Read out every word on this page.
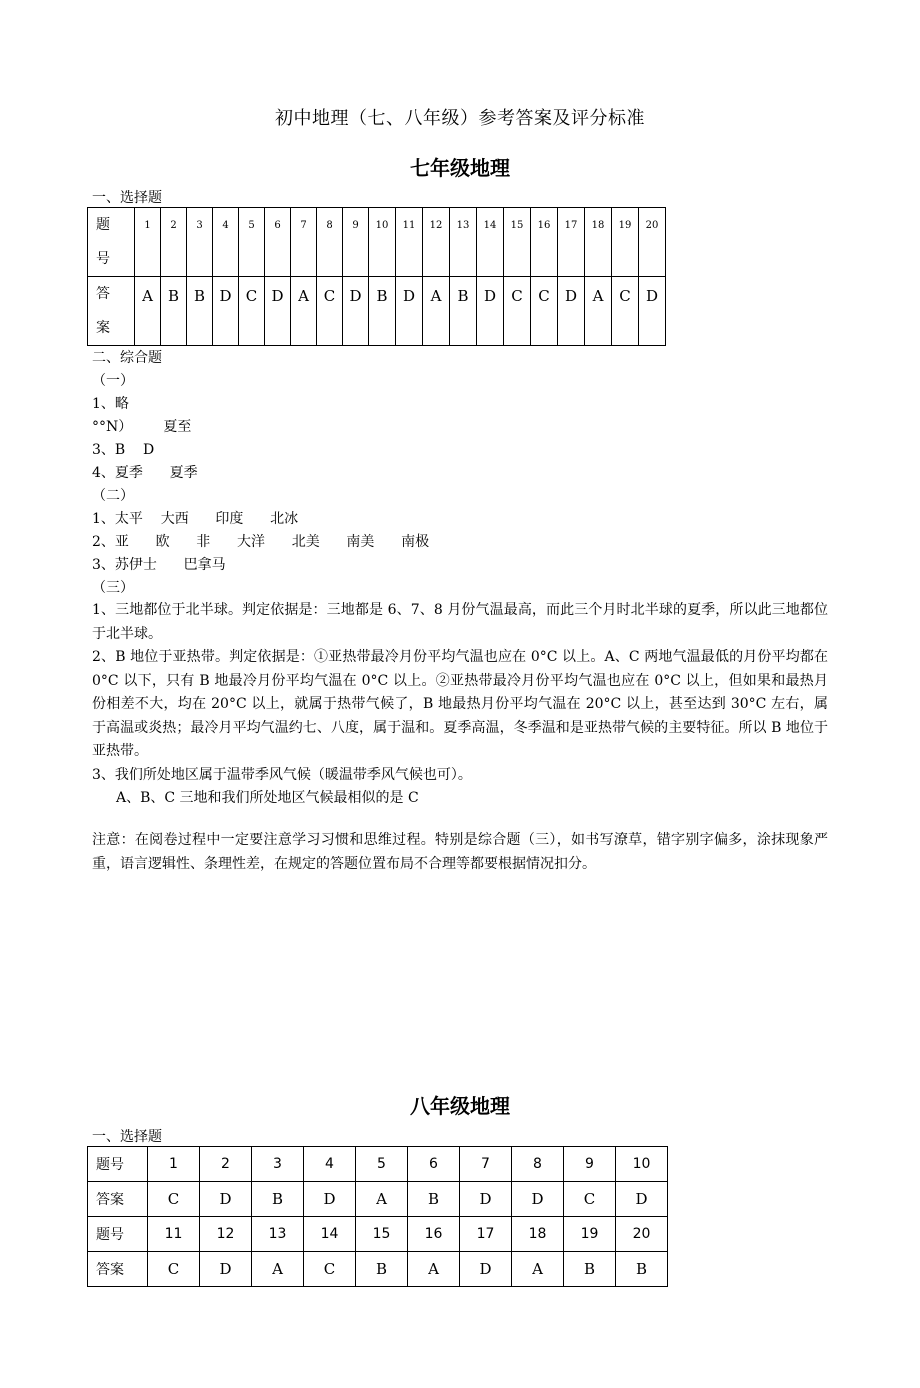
初中地理（七、八年级）参考答案及评分标准
七年级地理
一、选择题
题
号	1	2	3	4	5	6	7	8	9	10	11	12	13	14	15	16	17	18	19	20

答
案	A	B	B	D	C	D	A	C	D	B	D	A	B	D	C	C	D	A	C	D
二、综合题
（一）
1、略
°°N）       夏至
3、B    D
4、夏季      夏季
（二）
1、太平    大西      印度      北冰
2、亚      欧      非      大洋      北美      南美      南极
3、苏伊士      巴拿马
（三）
1、三地都位于北半球。判定依据是：三地都是 6、7、8 月份气温最高，而此三个月时北半球的夏季，所以此三地都位于北半球。
2、B 地位于亚热带。判定依据是：①亚热带最冷月份平均气温也应在 0°C 以上。A、C 两地气温最低的月份平均都在 0°C 以下，只有 B 地最冷月份平均气温在 0°C 以上。②亚热带最冷月份平均气温也应在 0°C 以上，但如果和最热月份相差不大，均在 20°C 以上，就属于热带气候了，B 地最热月份平均气温在 20°C 以上，甚至达到 30°C 左右，属于高温或炎热；最冷月平均气温约七、八度，属于温和。夏季高温，冬季温和是亚热带气候的主要特征。所以 B 地位于亚热带。
3、我们所处地区属于温带季风气候（暖温带季风气候也可）。
A、B、C 三地和我们所处地区气候最相似的是 C
注意：在阅卷过程中一定要注意学习习惯和思维过程。特别是综合题（三），如书写潦草，错字别字偏多，涂抹现象严重，语言逻辑性、条理性差，在规定的答题位置布局不合理等都要根据情况扣分。
八年级地理
一、选择题
题号	1	2	3	4	5	6	7	8	9	10
答案	C	D	B	D	A	B	D	D	C	D
题号	11	12	13	14	15	16	17	18	19	20
答案	C	D	A	C	B	A	D	A	B	B
